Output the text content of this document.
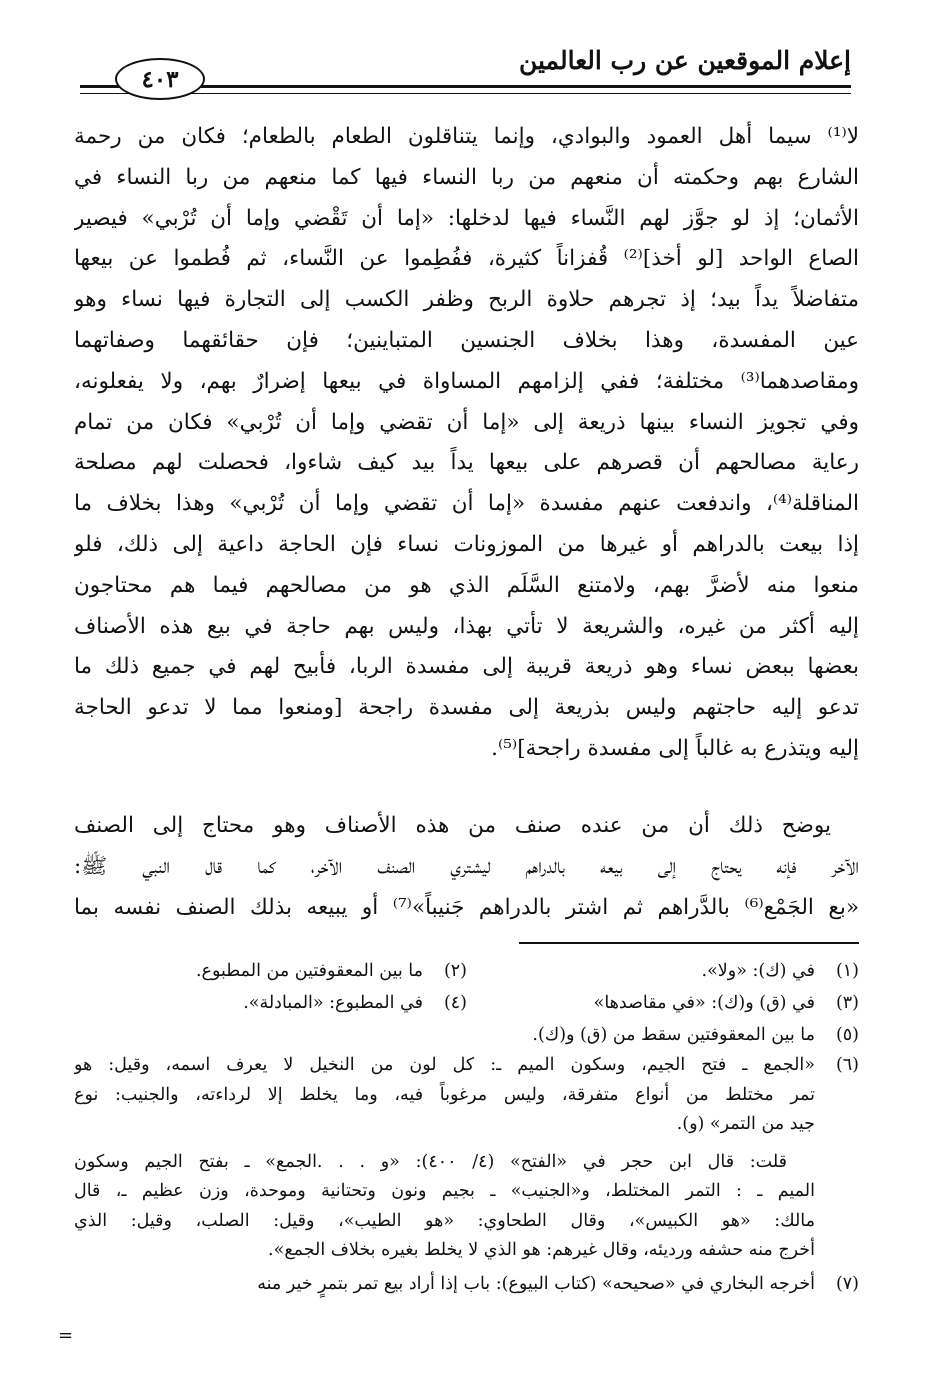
إعلام الموقعين عن رب العالمين
٤٠٣
لا⁽¹⁾ سيما أهل العمود والبوادي، وإنما يتناقلون الطعام بالطعام؛ فكان من رحمة
الشارع بهم وحكمته أن منعهم من ربا النساء فيها كما منعهم من ربا النساء في
الأثمان؛ إذ لو جوَّز لهم النَّساء فيها لدخلها: «إما أن تَقْضي وإما أن تُرْبي» فيصير
الصاع الواحد [لو أخذ]⁽²⁾ قُفزاناً كثيرة، ففُطِموا عن النَّساء، ثم فُطموا عن بيعها
متفاضلاً يداً بيد؛ إذ تجرهم حلاوة الربح وظفر الكسب إلى التجارة فيها نساء وهو
عين المفسدة، وهذا بخلاف الجنسين المتباينين؛ فإن حقائقهما وصفاتهما
ومقاصدهما⁽³⁾ مختلفة؛ ففي إلزامهم المساواة في بيعها إضرارٌ بهم، ولا يفعلونه،
وفي تجويز النساء بينها ذريعة إلى «إما أن تقضي وإما أن تُرْبي» فكان من تمام
رعاية مصالحهم أن قصرهم على بيعها يداً بيد كيف شاءوا، فحصلت لهم مصلحة
المناقلة⁽⁴⁾، واندفعت عنهم مفسدة «إما أن تقضي وإما أن تُرْبي» وهذا بخلاف ما
إذا بيعت بالدراهم أو غيرها من الموزونات نساء فإن الحاجة داعية إلى ذلك، فلو
منعوا منه لأضرَّ بهم، ولامتنع السَّلَم الذي هو من مصالحهم فيما هم محتاجون
إليه أكثر من غيره، والشريعة لا تأتي بهذا، وليس بهم حاجة في بيع هذه الأصناف
بعضها ببعض نساء وهو ذريعة قريبة إلى مفسدة الربا، فأبيح لهم في جميع ذلك ما
تدعو إليه حاجتهم وليس بذريعة إلى مفسدة راجحة [ومنعوا مما لا تدعو الحاجة
إليه ويتذرع به غالباً إلى مفسدة راجحة]⁽⁵⁾.
يوضح ذلك أن من عنده صنف من هذه الأصناف وهو محتاج إلى الصنف
الآخر فإنه يحتاج إلى بيعه بالدراهم ليشتري الصنف الآخر، كما قال النبي ﷺ:
«بع الجَمْع⁽⁶⁾ بالدَّراهم ثم اشتر بالدراهم جَنيباً»⁽⁷⁾ أو يبيعه بذلك الصنف نفسه بما
(١)
في (ك): «ولا».
(٢)
ما بين المعقوفتين من المطبوع.
(٣)
في (ق) و(ك): «في مقاصدها»
(٤)
في المطبوع: «المبادلة».
(٥)
ما بين المعقوفتين سقط من (ق) و(ك).
(٦)
«الجمع ـ فتح الجيم، وسكون الميم ـ: كل لون من النخيل لا يعرف اسمه، وقيل: هو
تمر مختلط من أنواع متفرقة، وليس مرغوباً فيه، وما يخلط إلا لرداءته، والجنيب: نوع
جيد من التمر» (و).
قلت: قال ابن حجر في «الفتح» (٤/ ٤٠٠): «و . . .الجمع» ـ بفتح الجيم وسكون
الميم ـ : التمر المختلط، و«الجنيب» ـ بجيم ونون وتحتانية وموحدة، وزن عظيم ـ، قال
مالك: «هو الكبيس»، وقال الطحاوي: «هو الطيب»، وقيل: الصلب، وقيل: الذي
أخرج منه حشفه ورديئه، وقال غيرهم: هو الذي لا يخلط بغيره بخلاف الجمع».
(٧)
أخرجه البخاري في «صحيحه» (كتاب البيوع): باب إذا أراد بيع تمر بتمرٍ خير منه
=
